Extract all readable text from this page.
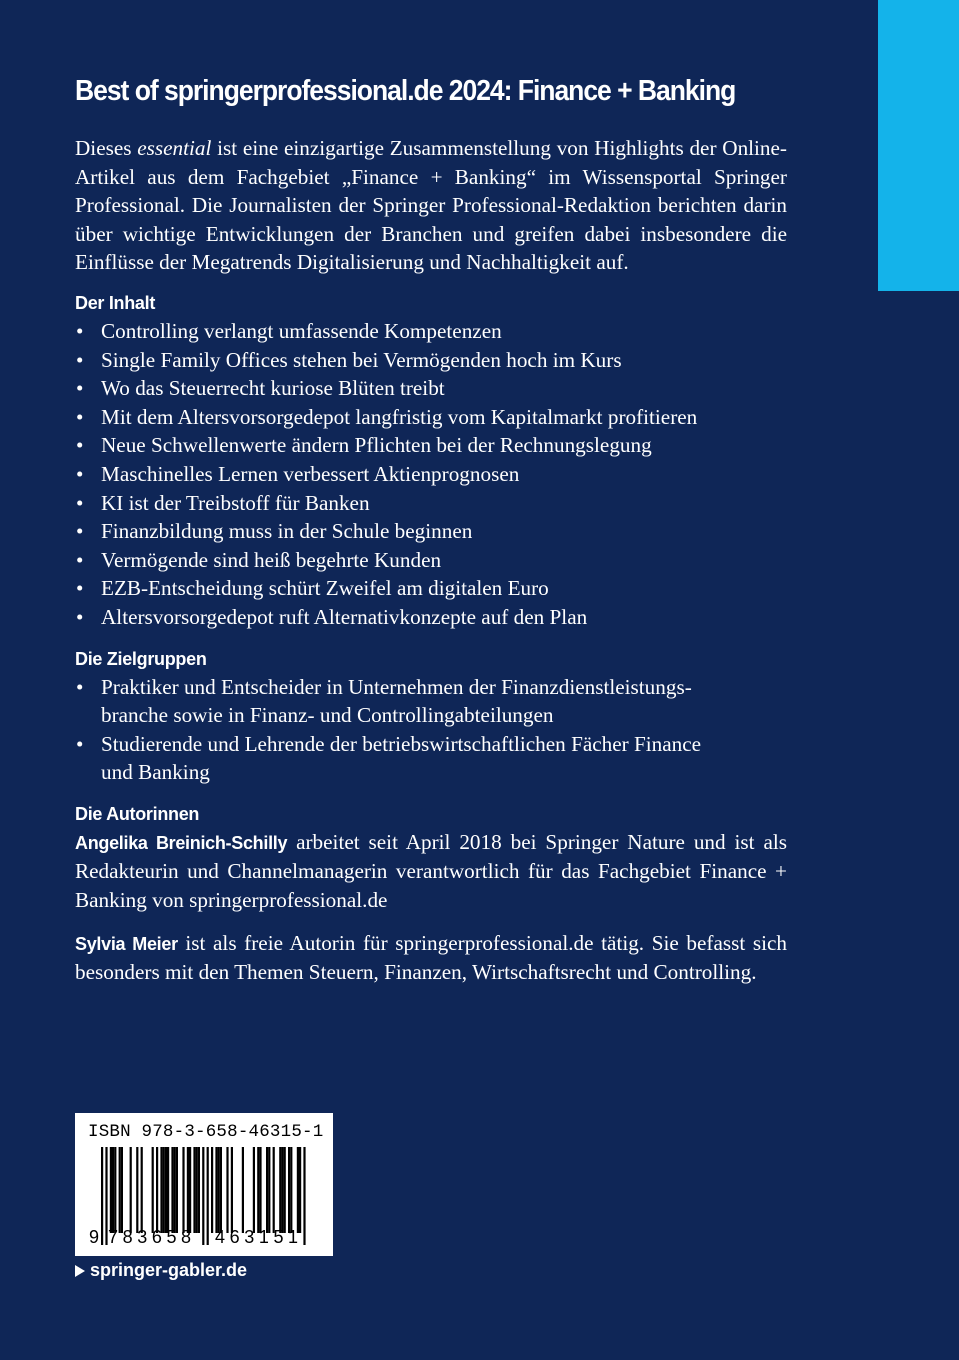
Best of springerprofessional.de 2024: Finance + Banking

Dieses essential ist eine einzigartige Zusammenstellung von Highlights der Online-Artikel aus dem Fachgebiet „Finance + Banking“ im Wissensportal Springer Professional. Die Journalisten der Springer Professional-Redaktion berichten darin über wichtige Entwicklungen der Branchen und greifen dabei insbesondere die Einflüsse der Megatrends Digitalisierung und Nachhaltigkeit auf.

Der Inhalt
• Controlling verlangt umfassende Kompetenzen
• Single Family Offices stehen bei Vermögenden hoch im Kurs
• Wo das Steuerrecht kuriose Blüten treibt
• Mit dem Altersvorsorgedepot langfristig vom Kapitalmarkt profitieren
• Neue Schwellenwerte ändern Pflichten bei der Rechnungslegung
• Maschinelles Lernen verbessert Aktienprognosen
• KI ist der Treibstoff für Banken
• Finanzbildung muss in der Schule beginnen
• Vermögende sind heiß begehrte Kunden
• EZB-Entscheidung schürt Zweifel am digitalen Euro
• Altersvorsorgedepot ruft Alternativkonzepte auf den Plan
Die Zielgruppen
• Praktiker und Entscheider in Unternehmen der Finanzdienstleistungs-
branche sowie in Finanz- und Controllingabteilungen
• Studierende und Lehrende der betriebswirtschaftlichen Fächer Finance
und Banking
Die Autorinnen

Angelika Breinich-Schilly arbeitet seit April 2018 bei Springer Nature und ist als Redakteurin und Channelmanagerin verantwortlich für das Fachgebiet Finance + Banking von springerprofessional.de

Sylvia Meier ist als freie Autorin für springerprofessional.de tätig. Sie befasst sich besonders mit den Themen Steuern, Finanzen, Wirtschaftsrecht und Controlling.

ISBN 978-3-658-46315-1
9 783658 463151
springer-gabler.de
